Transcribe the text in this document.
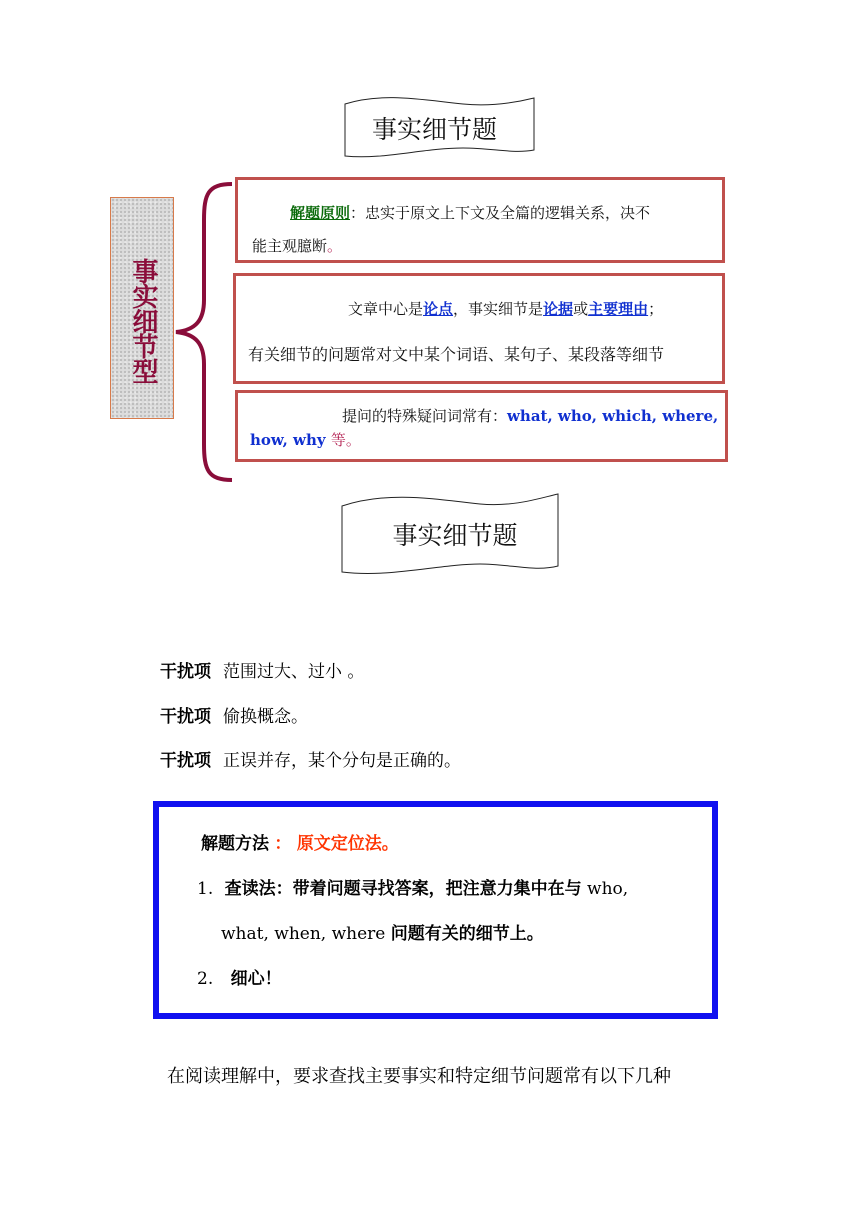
事实细节题
事实细节型
解题原则：忠实于原文上下文及全篇的逻辑关系，决不
能主观臆断。
文章中心是论点，事实细节是论据或主要理由；
有关细节的问题常对文中某个词语、某句子、某段落等细节
提问的特殊疑问词常有：what, who, which, where,
how, why 等。
事实细节题
干扰项 范围过大、过小 。
干扰项 偷换概念。
干扰项 正误并存，某个分句是正确的。
解题方法 ： 原文定位法。
1. 查读法：带着问题寻找答案，把注意力集中在与 who,
what, when, where 问题有关的细节上。
2. 细心！
在阅读理解中，要求查找主要事实和特定细节问题常有以下几种
